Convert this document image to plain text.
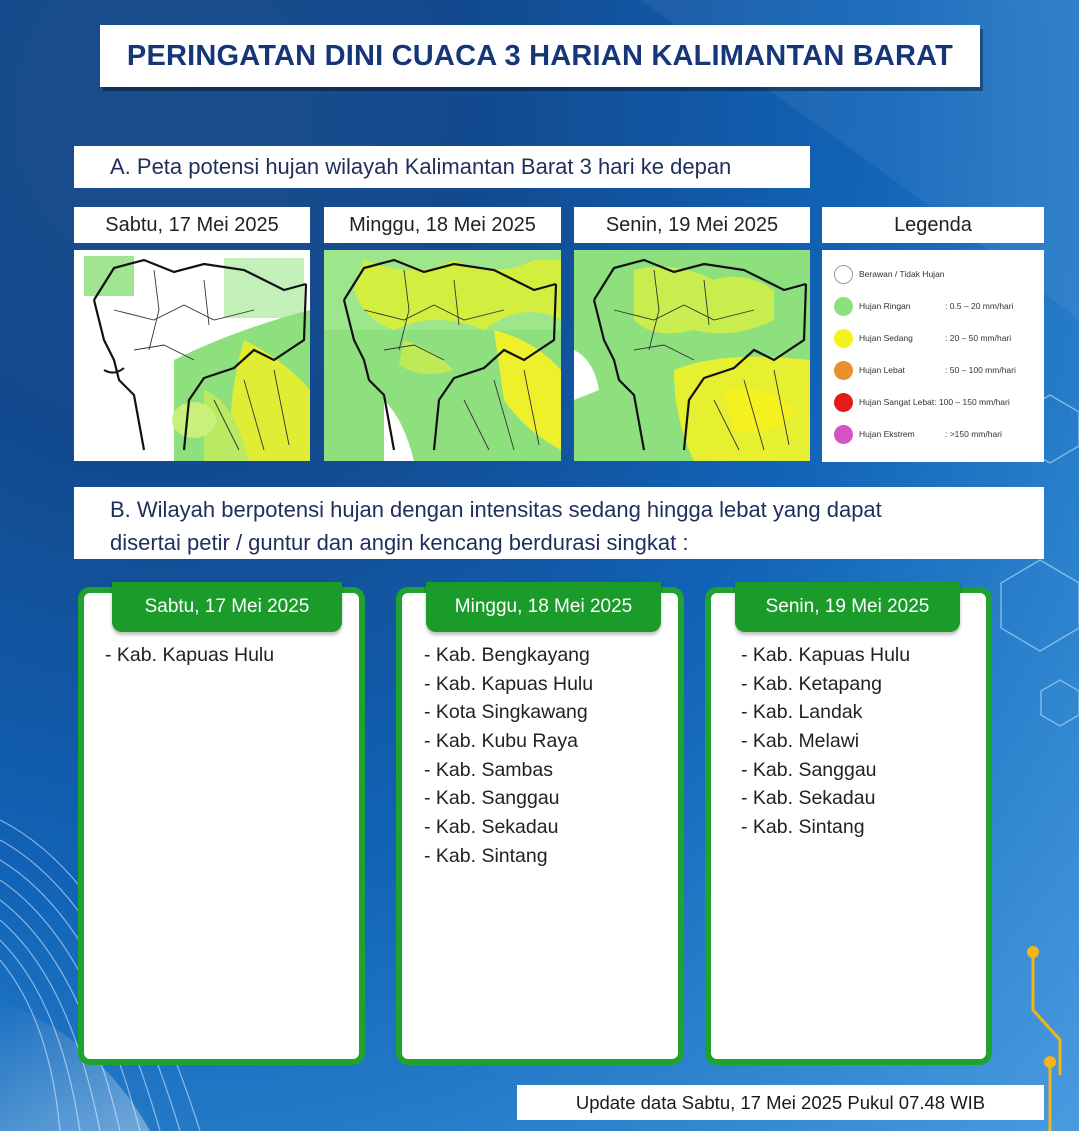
PERINGATAN DINI CUACA 3 HARIAN KALIMANTAN BARAT
A. Peta potensi hujan wilayah Kalimantan Barat 3 hari ke depan
Sabtu, 17 Mei 2025	Minggu, 18 Mei 2025	Senin, 19 Mei 2025	Legenda
Berawan / Tidak Hujan
Hujan Ringan	: 0.5 – 20 mm/hari
Hujan Sedang	: 20 – 50 mm/hari
Hujan Lebat	: 50 – 100 mm/hari
Hujan Sangat Lebat : 100 – 150 mm/hari
Hujan Ekstrem	: >150 mm/hari
B. Wilayah berpotensi hujan dengan intensitas sedang hingga lebat yang dapat
disertai petir / guntur dan angin kencang berdurasi singkat :
Sabtu, 17 Mei 2025
- Kab. Kapuas Hulu
Minggu, 18 Mei 2025
- Kab. Bengkayang
- Kab. Kapuas Hulu
- Kota Singkawang
- Kab. Kubu Raya
- Kab. Sambas
- Kab. Sanggau
- Kab. Sekadau
- Kab. Sintang
Senin, 19 Mei 2025
- Kab. Kapuas Hulu
- Kab. Ketapang
- Kab. Landak
- Kab. Melawi
- Kab. Sanggau
- Kab. Sekadau
- Kab. Sintang
Update data Sabtu, 17 Mei 2025 Pukul 07.48 WIB
